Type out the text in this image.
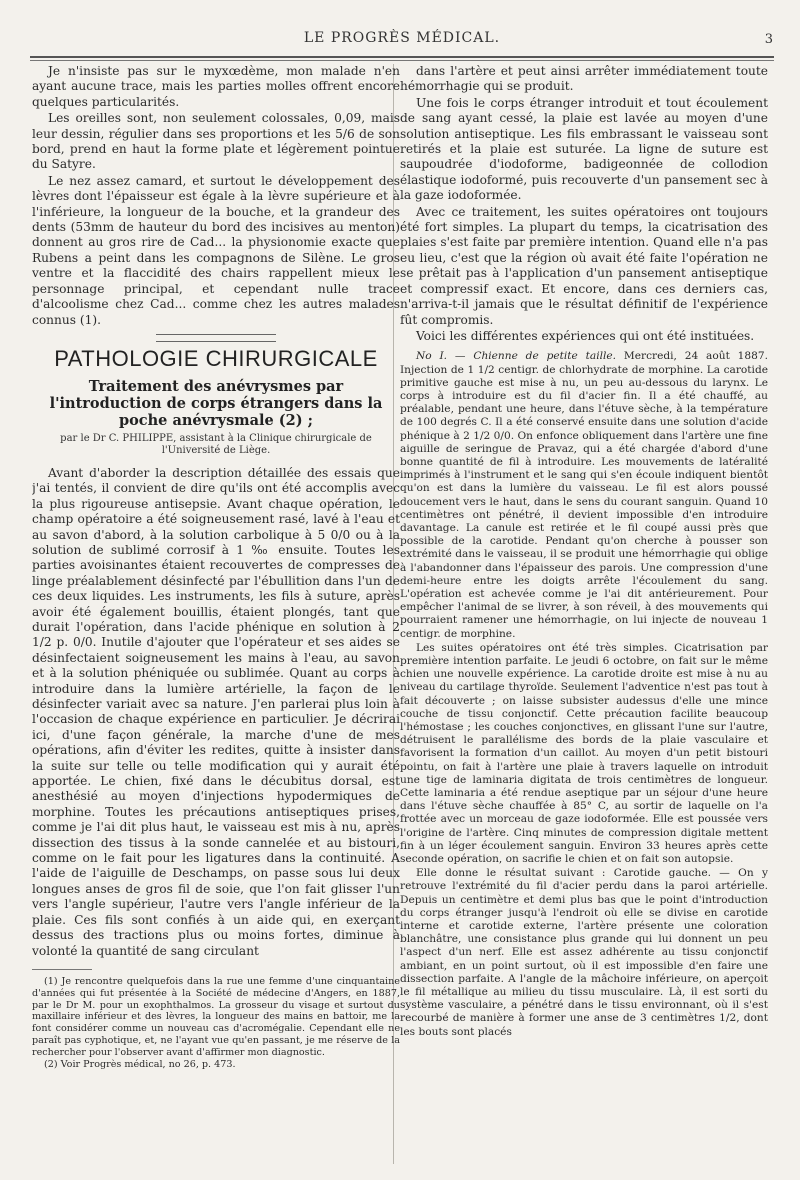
LE PROGRÈS MÉDICAL.	3

Je n'insiste pas sur le myxœdème, mon malade n'en ayant aucune trace, mais les parties molles offrent encore quelques particularités.

Les oreilles sont, non seulement colossales, 0,09, mais leur dessin, régulier dans ses proportions et les 5/6 de son bord, prend en haut la forme plate et légèrement pointue du Satyre.

Le nez assez camard, et surtout le développement des lèvres dont l'épaisseur est égale à la lèvre supérieure et à l'inférieure, la longueur de la bouche, et la grandeur des dents (53mm de hauteur du bord des incisives au menton) donnent au gros rire de Cad... la physionomie exacte que Rubens a peint dans les compagnons de Silène. Le gros ventre et la flaccidité des chairs rappellent mieux le personnage principal, et cependant nulle trace d'alcoolisme chez Cad... comme chez les autres malades connus (1).

PATHOLOGIE CHIRURGICALE
Traitement des anévrysmes par l'introduction de corps étrangers dans la poche anévrysmale (2) ;
par le Dr C. PHILIPPE, assistant à la Clinique chirurgicale de l'Université de Liège.

Avant d'aborder la description détaillée des essais que j'ai tentés, il convient de dire qu'ils ont été accomplis avec la plus rigoureuse antisepsie. Avant chaque opération, le champ opératoire a été soigneusement rasé, lavé à l'eau et au savon d'abord, à la solution carbolique à 5 0/0 ou à la solution de sublimé corrosif à 1 ‰ ensuite. Toutes les parties avoisinantes étaient recouvertes de compresses de linge préalablement désinfecté par l'ébullition dans l'un de ces deux liquides. Les instruments, les fils à suture, après avoir été également bouillis, étaient plongés, tant que durait l'opération, dans l'acide phénique en solution à 2 1/2 p. 0/0. Inutile d'ajouter que l'opérateur et ses aides se désinfectaient soigneusement les mains à l'eau, au savon et à la solution phéniquée ou sublimée. Quant au corps à introduire dans la lumière artérielle, la façon de le désinfecter variait avec sa nature. J'en parlerai plus loin à l'occasion de chaque expérience en particulier. Je décrirai ici, d'une façon générale, la marche d'une de mes opérations, afin d'éviter les redites, quitte à insister dans la suite sur telle ou telle modification qui y aurait été apportée. Le chien, fixé dans le décubitus dorsal, est anesthésié au moyen d'injections hypodermiques de morphine. Toutes les précautions antiseptiques prises, comme je l'ai dit plus haut, le vaisseau est mis à nu, après dissection des tissus à la sonde cannelée et au bistouri, comme on le fait pour les ligatures dans la continuité. A l'aide de l'aiguille de Deschamps, on passe sous lui deux longues anses de gros fil de soie, que l'on fait glisser l'un vers l'angle supérieur, l'autre vers l'angle inférieur de la plaie. Ces fils sont confiés à un aide qui, en exerçant dessus des tractions plus ou moins fortes, diminue à volonté la quantité de sang circulant

(1) Je rencontre quelquefois dans la rue une femme d'une cinquantaine d'années qui fut présentée à la Société de médecine d'Angers, en 1887, par le Dr M. pour un exophthalmos. La grosseur du visage et surtout du maxillaire inférieur et des lèvres, la longueur des mains en battoir, me la font considérer comme un nouveau cas d'acromégalie. Cependant elle ne paraît pas cyphotique, et, ne l'ayant vue qu'en passant, je me réserve de la rechercher pour l'observer avant d'affirmer mon diagnostic.

(2) Voir Progrès médical, no 26, p. 473.

dans l'artère et peut ainsi arrêter immédiatement toute hémorrhagie qui se produit.

Une fois le corps étranger introduit et tout écoulement de sang ayant cessé, la plaie est lavée au moyen d'une solution antiseptique. Les fils embrassant le vaisseau sont retirés et la plaie est suturée. La ligne de suture est saupoudrée d'iodoforme, badigeonnée de collodion élastique iodoformé, puis recouverte d'un pansement sec à la gaze iodoformée.

Avec ce traitement, les suites opératoires ont toujours été fort simples. La plupart du temps, la cicatrisation des plaies s'est faite par première intention. Quand elle n'a pas eu lieu, c'est que la région où avait été faite l'opération ne se prêtait pas à l'application d'un pansement antiseptique et compressif exact. Et encore, dans ces derniers cas, n'arriva-t-il jamais que le résultat définitif de l'expérience fût compromis.

Voici les différentes expériences qui ont été instituées.

No I. — Chienne de petite taille. Mercredi, 24 août 1887. Injection de 1 1/2 centigr. de chlorhydrate de morphine. La carotide primitive gauche est mise à nu, un peu au-dessous du larynx. Le corps à introduire est du fil d'acier fin. Il a été chauffé, au préalable, pendant une heure, dans l'étuve sèche, à la température de 100 degrés C. Il a été conservé ensuite dans une solution d'acide phénique à 2 1/2 0/0. On enfonce obliquement dans l'artère une fine aiguille de seringue de Pravaz, qui a été chargée d'abord d'une bonne quantité de fil à introduire. Les mouvements de latéralité imprimés à l'instrument et le sang qui s'en écoule indiquent bientôt qu'on est dans la lumière du vaisseau. Le fil est alors poussé doucement vers le haut, dans le sens du courant sanguin. Quand 10 centimètres ont pénétré, il devient impossible d'en introduire davantage. La canule est retirée et le fil coupé aussi près que possible de la carotide. Pendant qu'on cherche à pousser son extrémité dans le vaisseau, il se produit une hémorrhagie qui oblige à l'abandonner dans l'épaisseur des parois. Une compression d'une demi-heure entre les doigts arrête l'écoulement du sang. L'opération est achevée comme je l'ai dit antérieurement. Pour empêcher l'animal de se livrer, à son réveil, à des mouvements qui pourraient ramener une hémorrhagie, on lui injecte de nouveau 1 centigr. de morphine.

Les suites opératoires ont été très simples. Cicatrisation par première intention parfaite. Le jeudi 6 octobre, on fait sur le même chien une nouvelle expérience. La carotide droite est mise à nu au niveau du cartilage thyroïde. Seulement l'adventice n'est pas tout à fait découverte ; on laisse subsister audessus d'elle une mince couche de tissu conjonctif. Cette précaution facilite beaucoup l'hémostase ; les couches conjonctives, en glissant l'une sur l'autre, détruisent le parallélisme des bords de la plaie vasculaire et favorisent la formation d'un caillot. Au moyen d'un petit bistouri pointu, on fait à l'artère une plaie à travers laquelle on introduit une tige de laminaria digitata de trois centimètres de longueur. Cette laminaria a été rendue aseptique par un séjour d'une heure dans l'étuve sèche chauffée à 85° C, au sortir de laquelle on l'a frottée avec un morceau de gaze iodoformée. Elle est poussée vers l'origine de l'artère. Cinq minutes de compression digitale mettent fin à un léger écoulement sanguin. Environ 33 heures après cette seconde opération, on sacrifie le chien et on fait son autopsie.

Elle donne le résultat suivant : Carotide gauche. — On y retrouve l'extrémité du fil d'acier perdu dans la paroi artérielle. Depuis un centimètre et demi plus bas que le point d'introduction du corps étranger jusqu'à l'endroit où elle se divise en carotide interne et carotide externe, l'artère présente une coloration blanchâtre, une consistance plus grande qui lui donnent un peu l'aspect d'un nerf. Elle est assez adhérente au tissu conjonctif ambiant, en un point surtout, où il est impossible d'en faire une dissection parfaite. A l'angle de la mâchoire inférieure, on aperçoit le fil métallique au milieu du tissu musculaire. Là, il est sorti du système vasculaire, a pénétré dans le tissu environnant, où il s'est recourbé de manière à former une anse de 3 centimètres 1/2, dont les bouts sont placés
